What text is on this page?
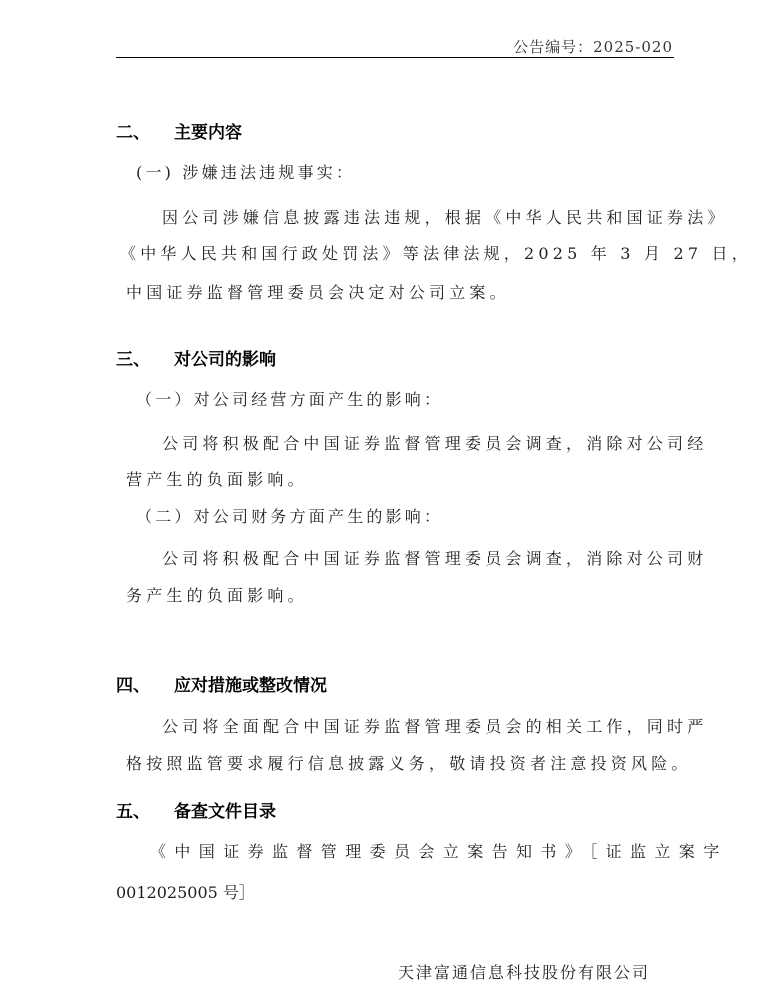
公告编号：2025-020
二、 主要内容
(一) 涉嫌违法违规事实：
因公司涉嫌信息披露违法违规，根据《中华人民共和国证券法》
《中华人民共和国行政处罚法》等法律法规，2025 年 3 月 27 日，
中国证券监督管理委员会决定对公司立案。
三、 对公司的影响
（一）对公司经营方面产生的影响：
公司将积极配合中国证券监督管理委员会调查，消除对公司经
营产生的负面影响。
（二）对公司财务方面产生的影响：
公司将积极配合中国证券监督管理委员会调查，消除对公司财
务产生的负面影响。
四、 应对措施或整改情况
公司将全面配合中国证券监督管理委员会的相关工作，同时严
格按照监管要求履行信息披露义务，敬请投资者注意投资风险。
五、 备查文件目录
《中国证券监督管理委员会立案告知书》［证监立案字
0012025005 号］
天津富通信息科技股份有限公司
